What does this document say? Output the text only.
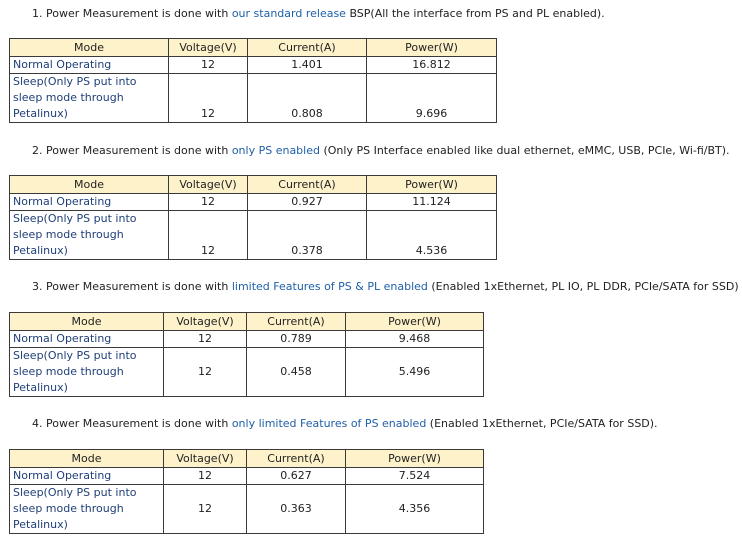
1. Power Measurement is done with our standard release BSP(All the interface from PS and PL enabled).

Mode	Voltage(V)	Current(A)	Power(W)
Normal Operating	12	1.401	16.812
Sleep(Only PS put into sleep mode through Petalinux)	12	0.808	9.696

2. Power Measurement is done with only PS enabled (Only PS Interface enabled like dual ethernet, eMMC, USB, PCIe, Wi-fi/BT).

Mode	Voltage(V)	Current(A)	Power(W)
Normal Operating	12	0.927	11.124
Sleep(Only PS put into sleep mode through Petalinux)	12	0.378	4.536

3. Power Measurement is done with limited Features of PS & PL enabled (Enabled 1xEthernet, PL IO, PL DDR, PCIe/SATA for SSD)

Mode	Voltage(V)	Current(A)	Power(W)
Normal Operating	12	0.789	9.468
Sleep(Only PS put into sleep mode through Petalinux)	12	0.458	5.496

4. Power Measurement is done with only limited Features of PS enabled (Enabled 1xEthernet, PCIe/SATA for SSD).

Mode	Voltage(V)	Current(A)	Power(W)
Normal Operating	12	0.627	7.524
Sleep(Only PS put into sleep mode through Petalinux)	12	0.363	4.356
